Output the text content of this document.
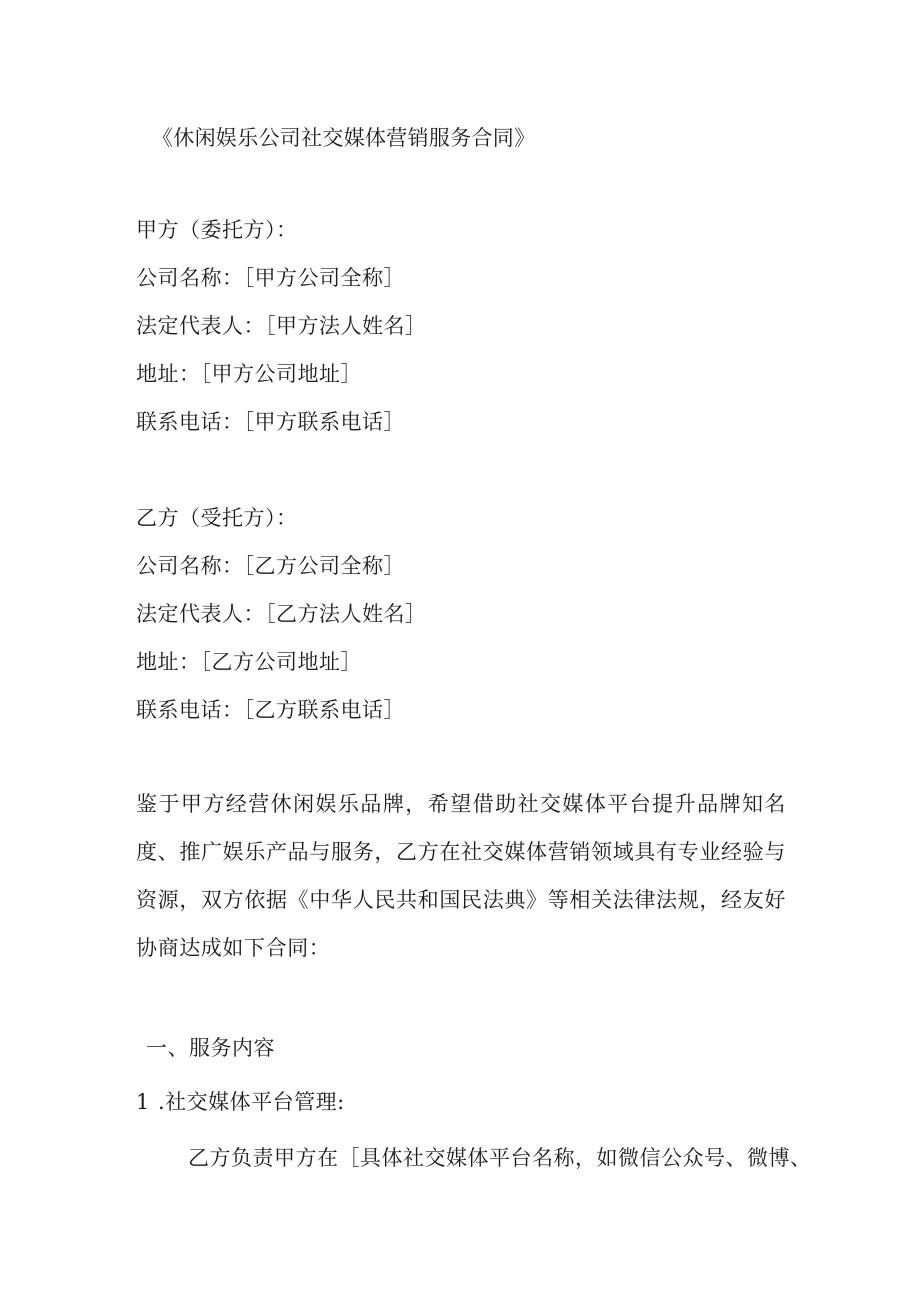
《休闲娱乐公司社交媒体营销服务合同》
甲方（委托方）：
公司名称：［甲方公司全称］
法定代表人：［甲方法人姓名］
地址：［甲方公司地址］
联系电话：［甲方联系电话］
乙方（受托方）：
公司名称：［乙方公司全称］
法定代表人：［乙方法人姓名］
地址：［乙方公司地址］
联系电话：［乙方联系电话］
鉴于甲方经营休闲娱乐品牌，希望借助社交媒体平台提升品牌知名度、推广娱乐产品与服务，乙方在社交媒体营销领域具有专业经验与资源，双方依据《中华人民共和国民法典》等相关法律法规，经友好协商达成如下合同：
一、服务内容
1 .社交媒体平台管理:
乙方负责甲方在［具体社交媒体平台名称，如微信公众号、微博、
